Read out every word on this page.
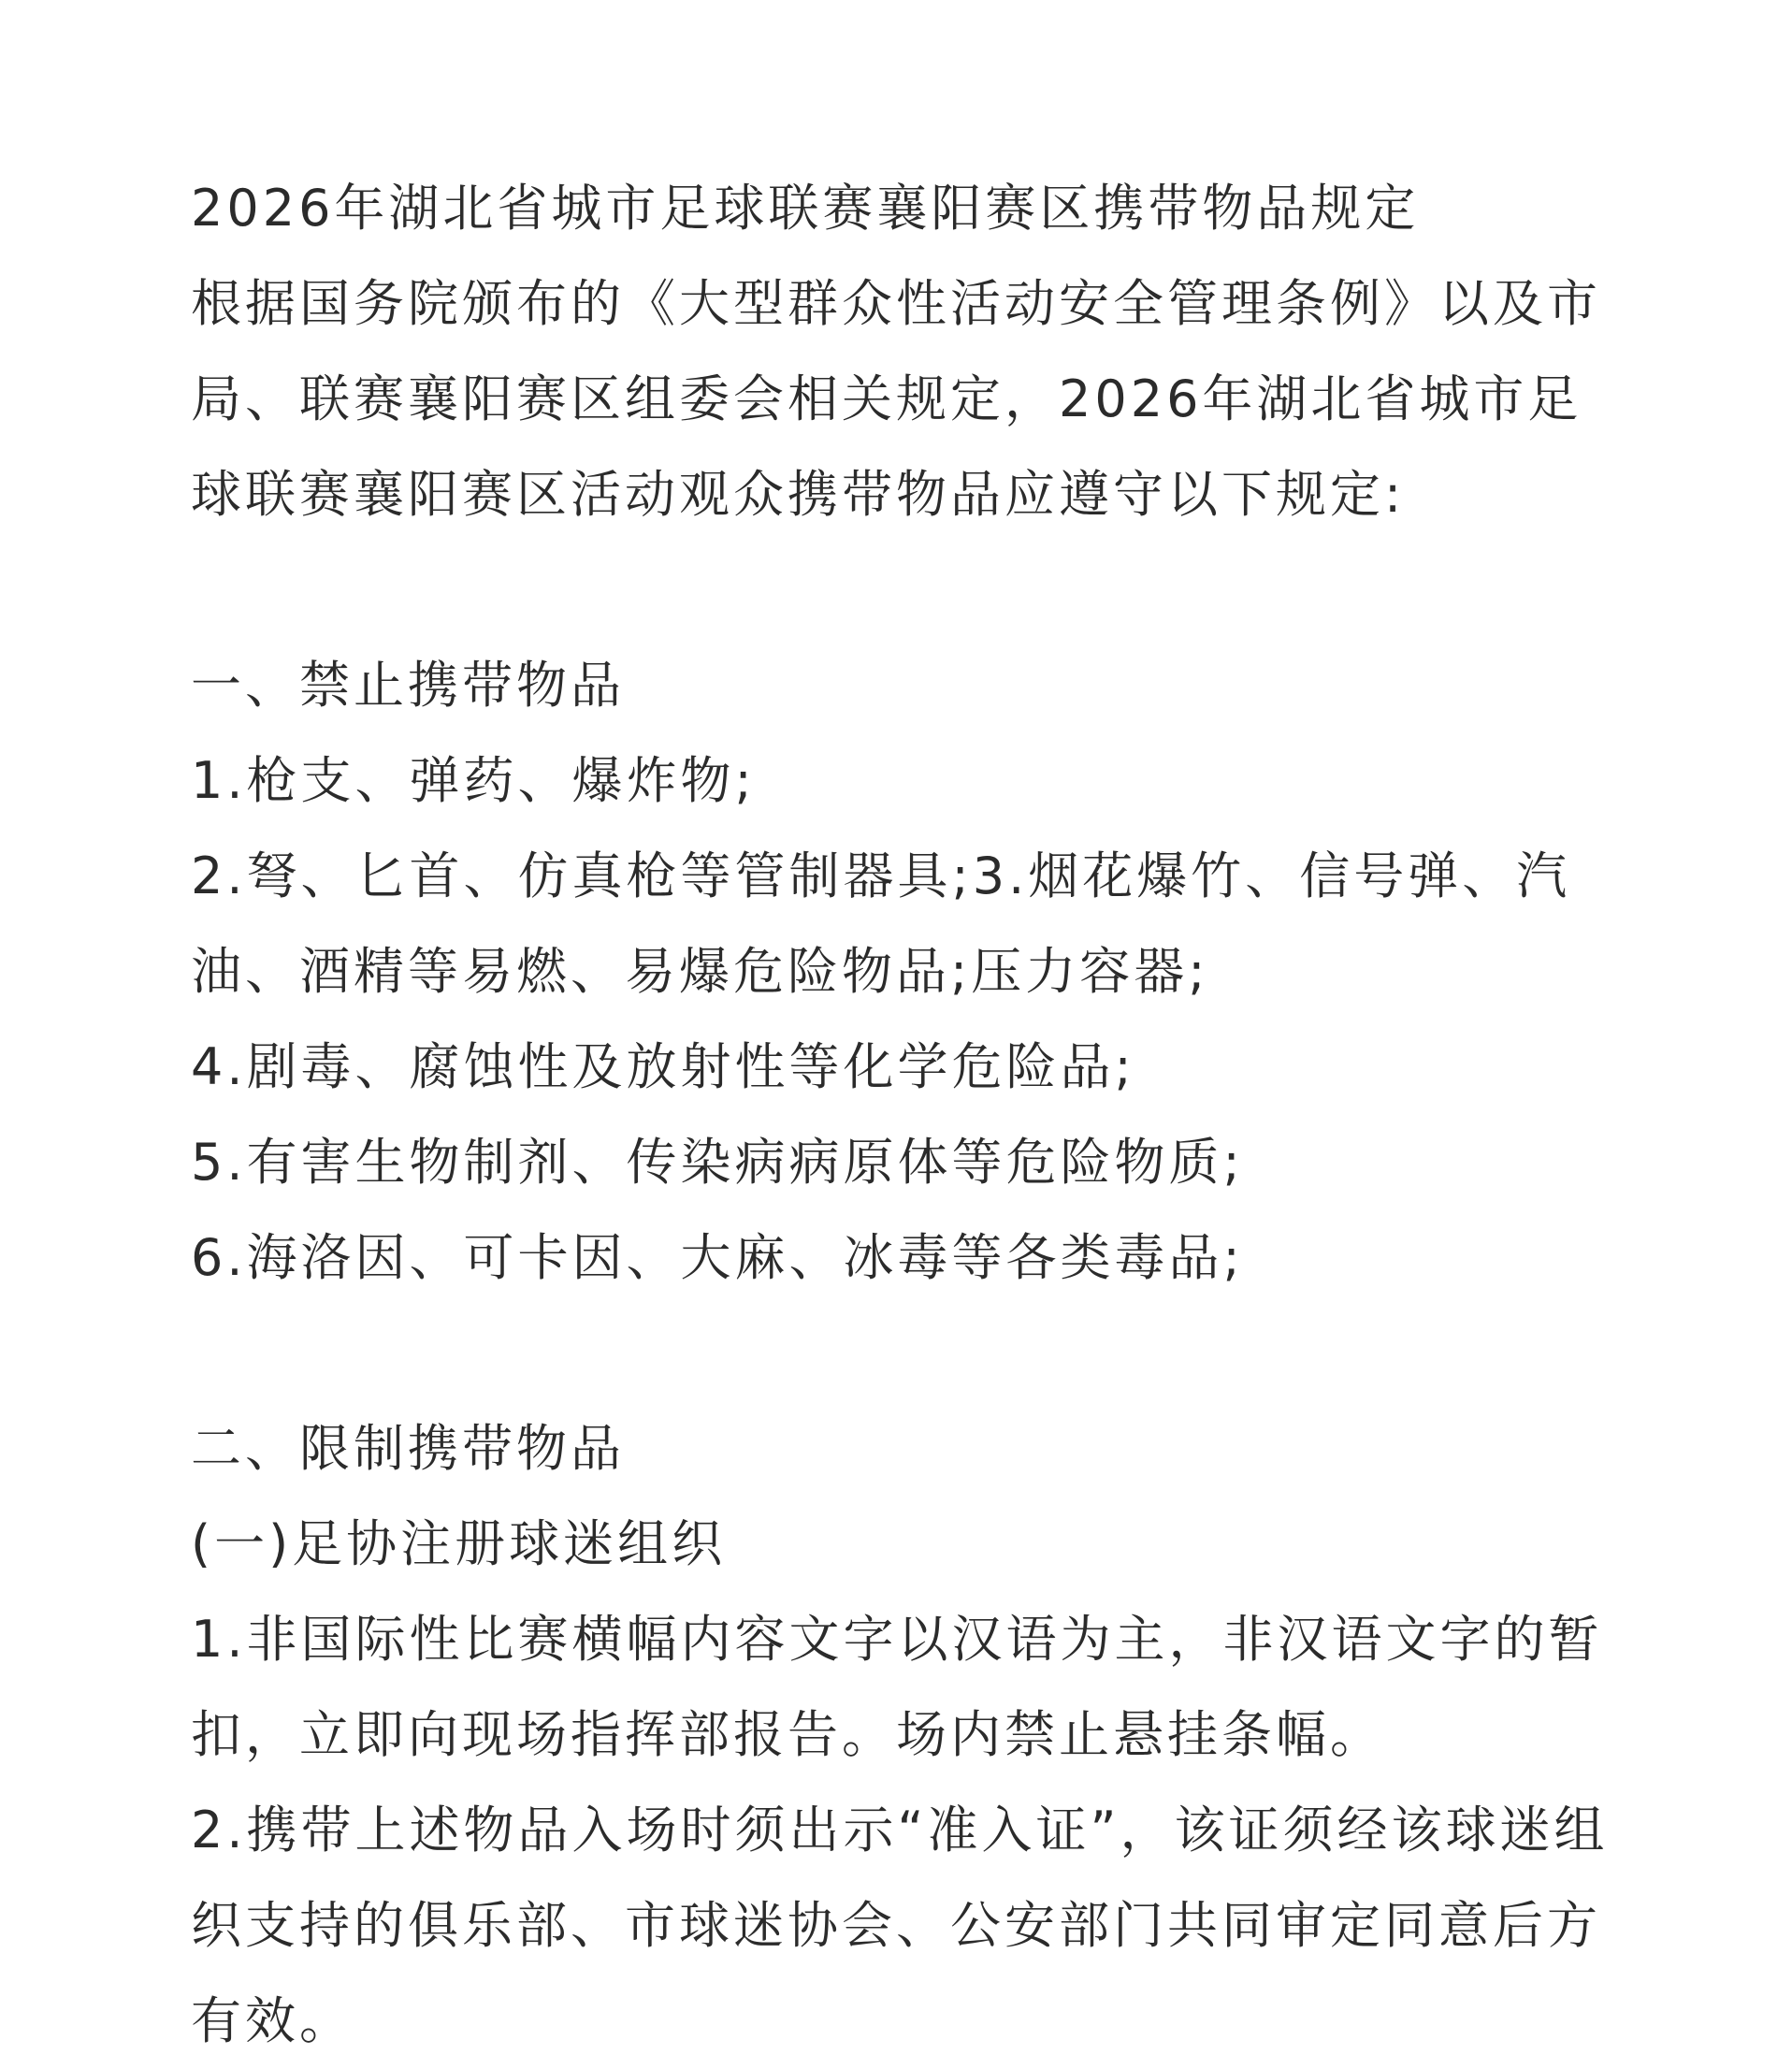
2026年湖北省城市足球联赛襄阳赛区携带物品规定

根据国务院颁布的《大型群众性活动安全管理条例》以及市局、联赛襄阳赛区组委会相关规定，2026年湖北省城市足球联赛襄阳赛区活动观众携带物品应遵守以下规定:

一、禁止携带物品

1.枪支、弹药、爆炸物;

2.弩、匕首、仿真枪等管制器具;3.烟花爆竹、信号弹、汽油、酒精等易燃、易爆危险物品;压力容器;

4.剧毒、腐蚀性及放射性等化学危险品;

5.有害生物制剂、传染病病原体等危险物质;

6.海洛因、可卡因、大麻、冰毒等各类毒品;

二、限制携带物品

(一)足协注册球迷组织

1.非国际性比赛横幅内容文字以汉语为主，非汉语文字的暂扣，立即向现场指挥部报告。场内禁止悬挂条幅。

2.携带上述物品入场时须出示“准入证”，该证须经该球迷组织支持的俱乐部、市球迷协会、公安部门共同审定同意后方有效。
